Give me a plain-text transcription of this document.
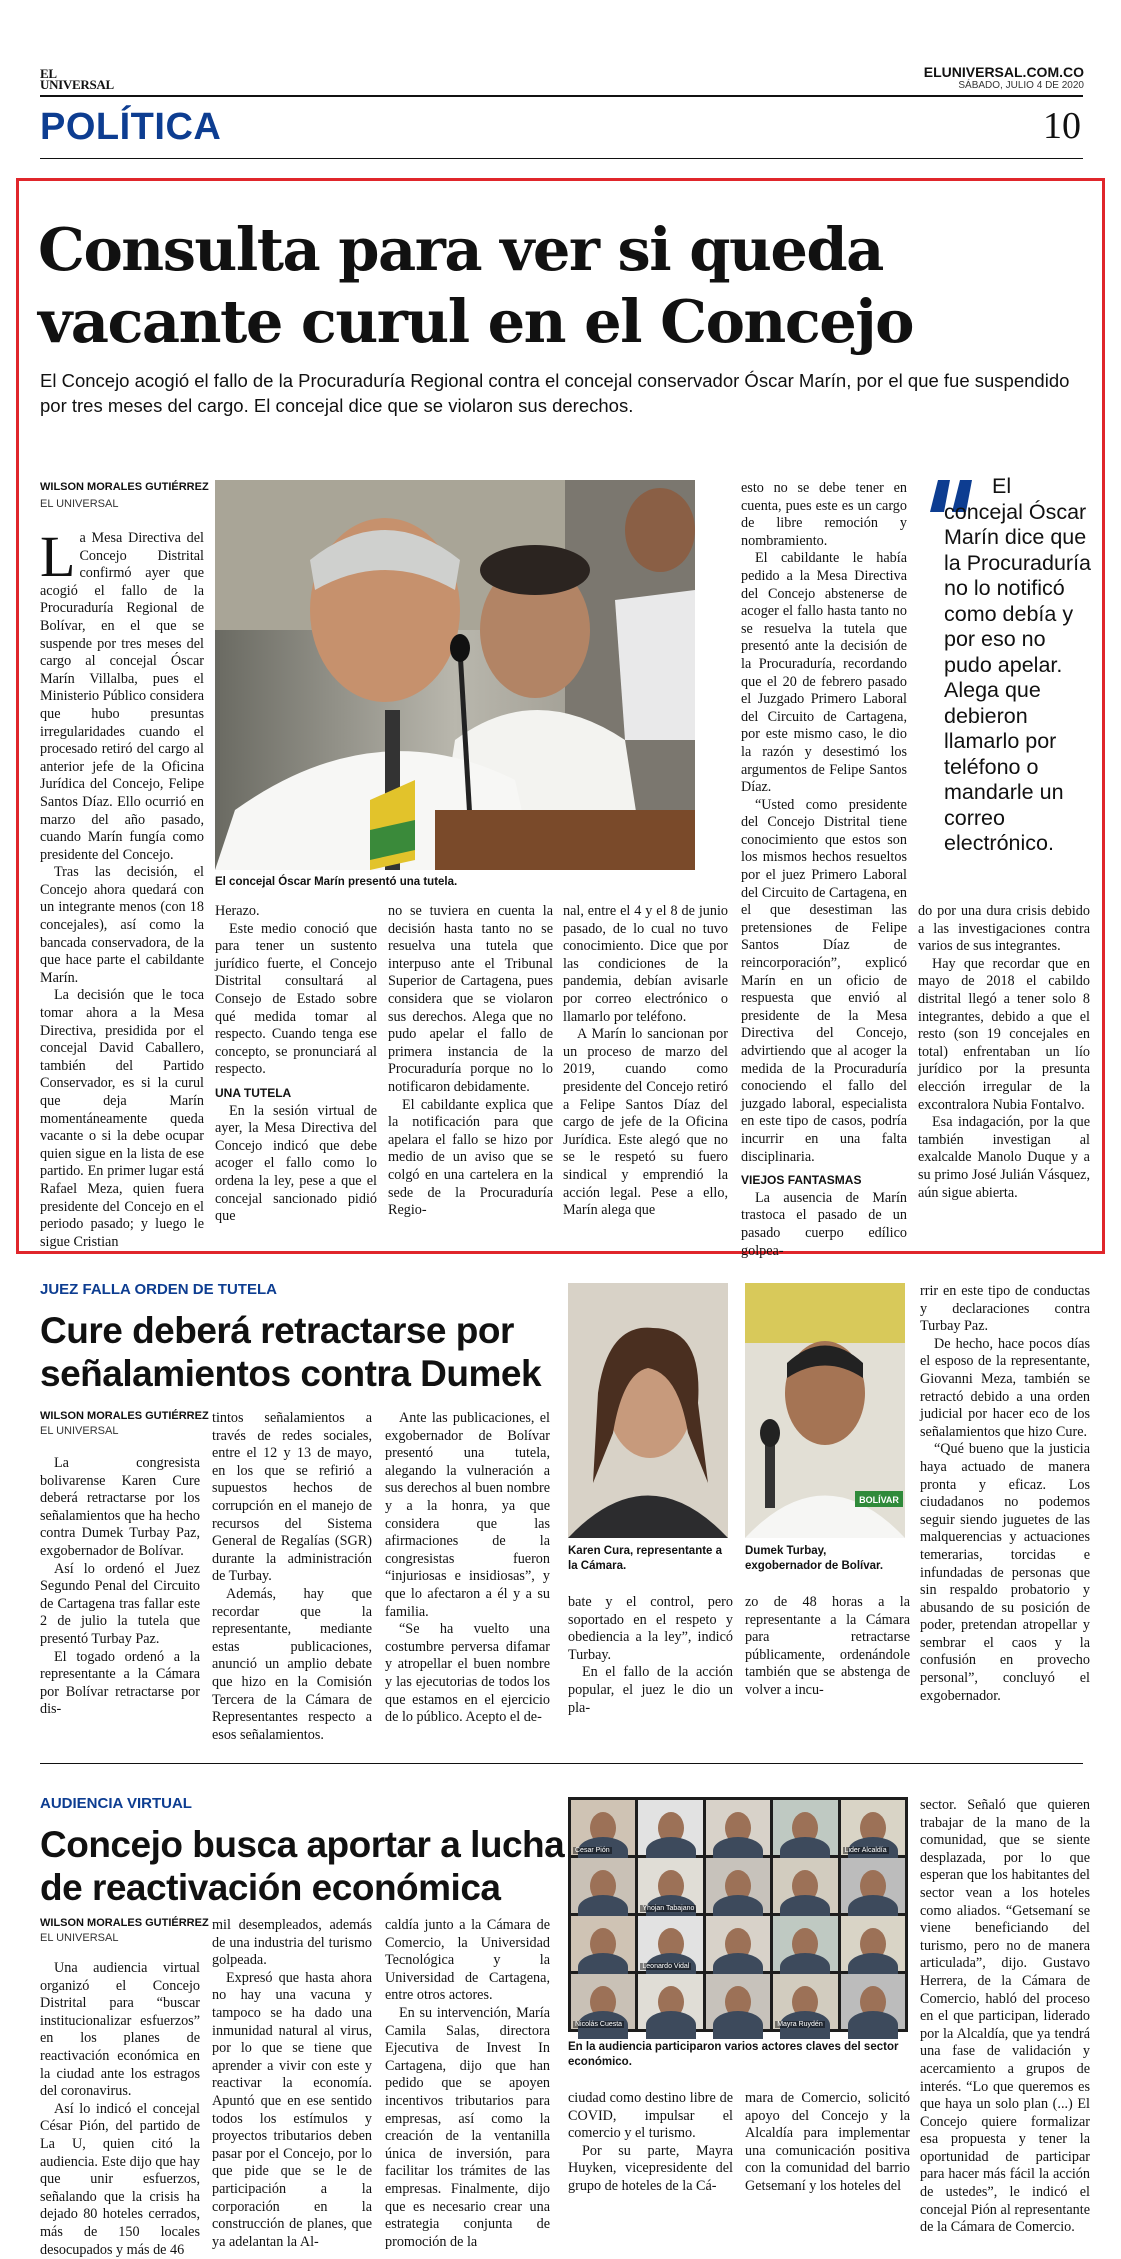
EL
UNIVERSAL
ELUNIVERSAL.COM.CO
SÁBADO, JULIO 4 DE 2020
POLÍTICA	10
Consulta para ver si queda vacante curul en el Concejo
El Concejo acogió el fallo de la Procuraduría Regional contra el concejal conservador Óscar Marín, por el que fue suspendido por tres meses del cargo. El concejal dice que se violaron sus derechos.
WILSON MORALES GUTIÉRREZ
EL UNIVERSAL
El concejal Óscar Marín presentó una tutela.

La Mesa Directiva del Concejo Distrital confirmó ayer que acogió el fallo de la Procuraduría Regional de Bolívar, en el que se suspende por tres meses del cargo al concejal Óscar Marín Villalba, pues el Ministerio Público considera que hubo presuntas irregularidades cuando el procesado retiró del cargo al anterior jefe de la Oficina Jurídica del Concejo, Felipe Santos Díaz. Ello ocurrió en marzo del año pasado, cuando Marín fungía como presidente del Concejo.

Tras las decisión, el Concejo ahora quedará con un integrante menos (con 18 concejales), así como la bancada conservadora, de la que hace parte el cabildante Marín.

La decisión que le toca tomar ahora a la Mesa Directiva, presidida por el concejal David Caballero, también del Partido Conservador, es si la curul que deja Marín momentáneamente queda vacante o si la debe ocupar quien sigue en la lista de ese partido. En primer lugar está Rafael Meza, quien fuera presidente del Concejo en el periodo pasado; y luego le sigue Cristian

Herazo.

Este medio conoció que para tener un sustento jurídico fuerte, el Concejo Distrital consultará al Consejo de Estado sobre qué medida tomar al respecto. Cuando tenga ese concepto, se pronunciará al respecto.

UNA TUTELA

En la sesión virtual de ayer, la Mesa Directiva del Concejo indicó que debe acoger el fallo como lo ordena la ley, pese a que el concejal sancionado pidió que

no se tuviera en cuenta la decisión hasta tanto no se resuelva una tutela que interpuso ante el Tribunal Superior de Cartagena, pues considera que se violaron sus derechos. Alega que no pudo apelar el fallo de primera instancia de la Procuraduría porque no lo notificaron debidamente.

El cabildante explica que la notificación para que apelara el fallo se hizo por medio de un aviso que se colgó en una cartelera en la sede de la Procuraduría Regio-

nal, entre el 4 y el 8 de junio pasado, de lo cual no tuvo conocimiento. Dice que por las condiciones de la pandemia, debían avisarle por correo electrónico o llamarlo por teléfono.

A Marín lo sancionan por un proceso de marzo del 2019, cuando como presidente del Concejo retiró a Felipe Santos Díaz del cargo de jefe de la Oficina Jurídica. Este alegó que no se le respetó su fuero sindical y emprendió la acción legal. Pese a ello, Marín alega que

esto no se debe tener en cuenta, pues este es un cargo de libre remoción y nombramiento.

El cabildante le había pedido a la Mesa Directiva del Concejo abstenerse de acoger el fallo hasta tanto no se resuelva la tutela que presentó ante la decisión de la Procuraduría, recordando que el 20 de febrero pasado el Juzgado Primero Laboral del Circuito de Cartagena, por este mismo caso, le dio la razón y desestimó los argumentos de Felipe Santos Díaz.

“Usted como presidente del Concejo Distrital tiene conocimiento que estos son los mismos hechos resueltos por el juez Primero Laboral del Circuito de Cartagena, en el que desestiman las pretensiones de Felipe Santos Díaz de reincorporación”, explicó Marín en un oficio de respuesta que envió al presidente de la Mesa Directiva del Concejo, advirtiendo que al acoger la medida de la Procuraduría conociendo el fallo del juzgado laboral, especialista en este tipo de casos, podría incurrir en una falta disciplinaria.

VIEJOS FANTASMAS

La ausencia de Marín trastoca el pasado de un pasado cuerpo edílico golpea-

El concejal Óscar Marín dice que la Procuraduría no lo notificó como debía y por eso no pudo apelar. Alega que debieron llamarlo por teléfono o mandarle un correo electrónico.

do por una dura crisis debido a las investigaciones contra varios de sus integrantes.

Hay que recordar que en mayo de 2018 el cabildo distrital llegó a tener solo 8 integrantes, debido a que el resto (son 19 concejales en total) enfrentaban un lío jurídico por la presunta elección irregular de la excontralora Nubia Fontalvo.

Esa indagación, por la que también investigan al exalcalde Manolo Duque y a su primo José Julián Vásquez, aún sigue abierta.

JUEZ FALLA ORDEN DE TUTELA
Cure deberá retractarse por señalamientos contra Dumek
WILSON MORALES GUTIÉRREZ
EL UNIVERSAL

La congresista bolivarense Karen Cure deberá retractarse por los señalamientos que ha hecho contra Dumek Turbay Paz, exgobernador de Bolívar.

Así lo ordenó el Juez Segundo Penal del Circuito de Cartagena tras fallar este 2 de julio la tutela que presentó Turbay Paz.

El togado ordenó a la representante a la Cámara por Bolívar retractarse por dis-

tintos señalamientos a través de redes sociales, entre el 12 y 13 de mayo, en los que se refirió a supuestos hechos de corrupción en el manejo de recursos del Sistema General de Regalías (SGR) durante la administración de Turbay.

Además, hay que recordar que la representante, mediante estas publicaciones, anunció un amplio debate que hizo en la Comisión Tercera de la Cámara de Representantes respecto a esos señalamientos.

Ante las publicaciones, el exgobernador de Bolívar presentó una tutela, alegando la vulneración a sus derechos al buen nombre y a la honra, ya que considera que las afirmaciones de la congresistas fueron “injuriosas e insidiosas”, y que lo afectaron a él y a su familia.

“Se ha vuelto una costumbre perversa difamar y atropellar el buen nombre y las ejecutorias de todos los que estamos en el ejercicio de lo público. Acepto el de-

Karen Cura, representante a la Cámara.
BOLÍVAR
Dumek Turbay, exgobernador de Bolívar.

bate y el control, pero soportado en el respeto y obediencia a la ley”, indicó Turbay.

En el fallo de la acción popular, el juez le dio un pla-

zo de 48 horas a la representante a la Cámara para retractarse públicamente, ordenándole también que se abstenga de volver a incu-

rrir en este tipo de conductas y declaraciones contra Turbay Paz.

De hecho, hace pocos días el esposo de la representante, Giovanni Meza, también se retractó debido a una orden judicial por hacer eco de los señalamientos que hizo Cure.

“Qué bueno que la justicia haya actuado de manera pronta y eficaz. Los ciudadanos no podemos seguir siendo juguetes de las malquerencias y actuaciones temerarias, torcidas e infundadas de personas que sin respaldo probatorio y abusando de su posición de poder, pretendan atropellar y sembrar el caos y la confusión en provecho personal”, concluyó el exgobernador.

AUDIENCIA VIRTUAL
Concejo busca aportar a lucha de reactivación económica
WILSON MORALES GUTIÉRREZ
EL UNIVERSAL

Una audiencia virtual organizó el Concejo Distrital para “buscar institucionalizar esfuerzos” en los planes de reactivación económica en la ciudad ante los estragos del coronavirus.

Así lo indicó el concejal César Pión, del partido de La U, quien citó la audiencia. Este dijo que hay que unir esfuerzos, señalando que la crisis ha dejado 80 hoteles cerrados, más de 150 locales desocupados y más de 46

mil desempleados, además de una industria del turismo golpeada.

Expresó que hasta ahora no hay una vacuna y tampoco se ha dado una inmunidad natural al virus, por lo que se tiene que aprender a vivir con este y reactivar la economía. Apuntó que en ese sentido todos los estímulos y proyectos tributarios deben pasar por el Concejo, por lo que pide que se le de participación a la corporación en la construcción de planes, que ya adelantan la Al-

caldía junto a la Cámara de Comercio, la Universidad Tecnológica y la Universidad de Cartagena, entre otros actores.

En su intervención, María Camila Salas, directora Ejecutiva de Invest In Cartagena, dijo que han pedido que se apoyen incentivos tributarios para empresas, así como la creación de la ventanilla única de inversión, para facilitar los trámites de las empresas. Finalmente, dijo que es necesario crear una estrategia conjunta de promoción de la

Cesar Pión	Lider Alcaldía
Yhojan Tabajano
Leonardo Vidal
Nicolás Cuesta	Mayra Ruydén
En la audiencia participaron varios actores claves del sector económico.

ciudad como destino libre de COVID, impulsar el comercio y el turismo.

Por su parte, Mayra Huyken, vicepresidente del grupo de hoteles de la Cá-

mara de Comercio, solicitó apoyo del Concejo y la Alcaldía para implementar una comunicación positiva con la comunidad del barrio Getsemaní y los hoteles del

sector. Señaló que quieren trabajar de la mano de la comunidad, que se siente desplazada, por lo que esperan que los habitantes del sector vean a los hoteles como aliados. “Getsemaní se viene beneficiando del turismo, pero no de manera articulada”, dijo. Gustavo Herrera, de la Cámara de Comercio, habló del proceso en el que participan, liderado por la Alcaldía, que ya tendrá una fase de validación y acercamiento a grupos de interés. “Lo que queremos es que haya un solo plan (...) El Concejo quiere formalizar esa propuesta y tener la oportunidad de participar para hacer más fácil la acción de ustedes”, le indicó el concejal Pión al representante de la Cámara de Comercio.
